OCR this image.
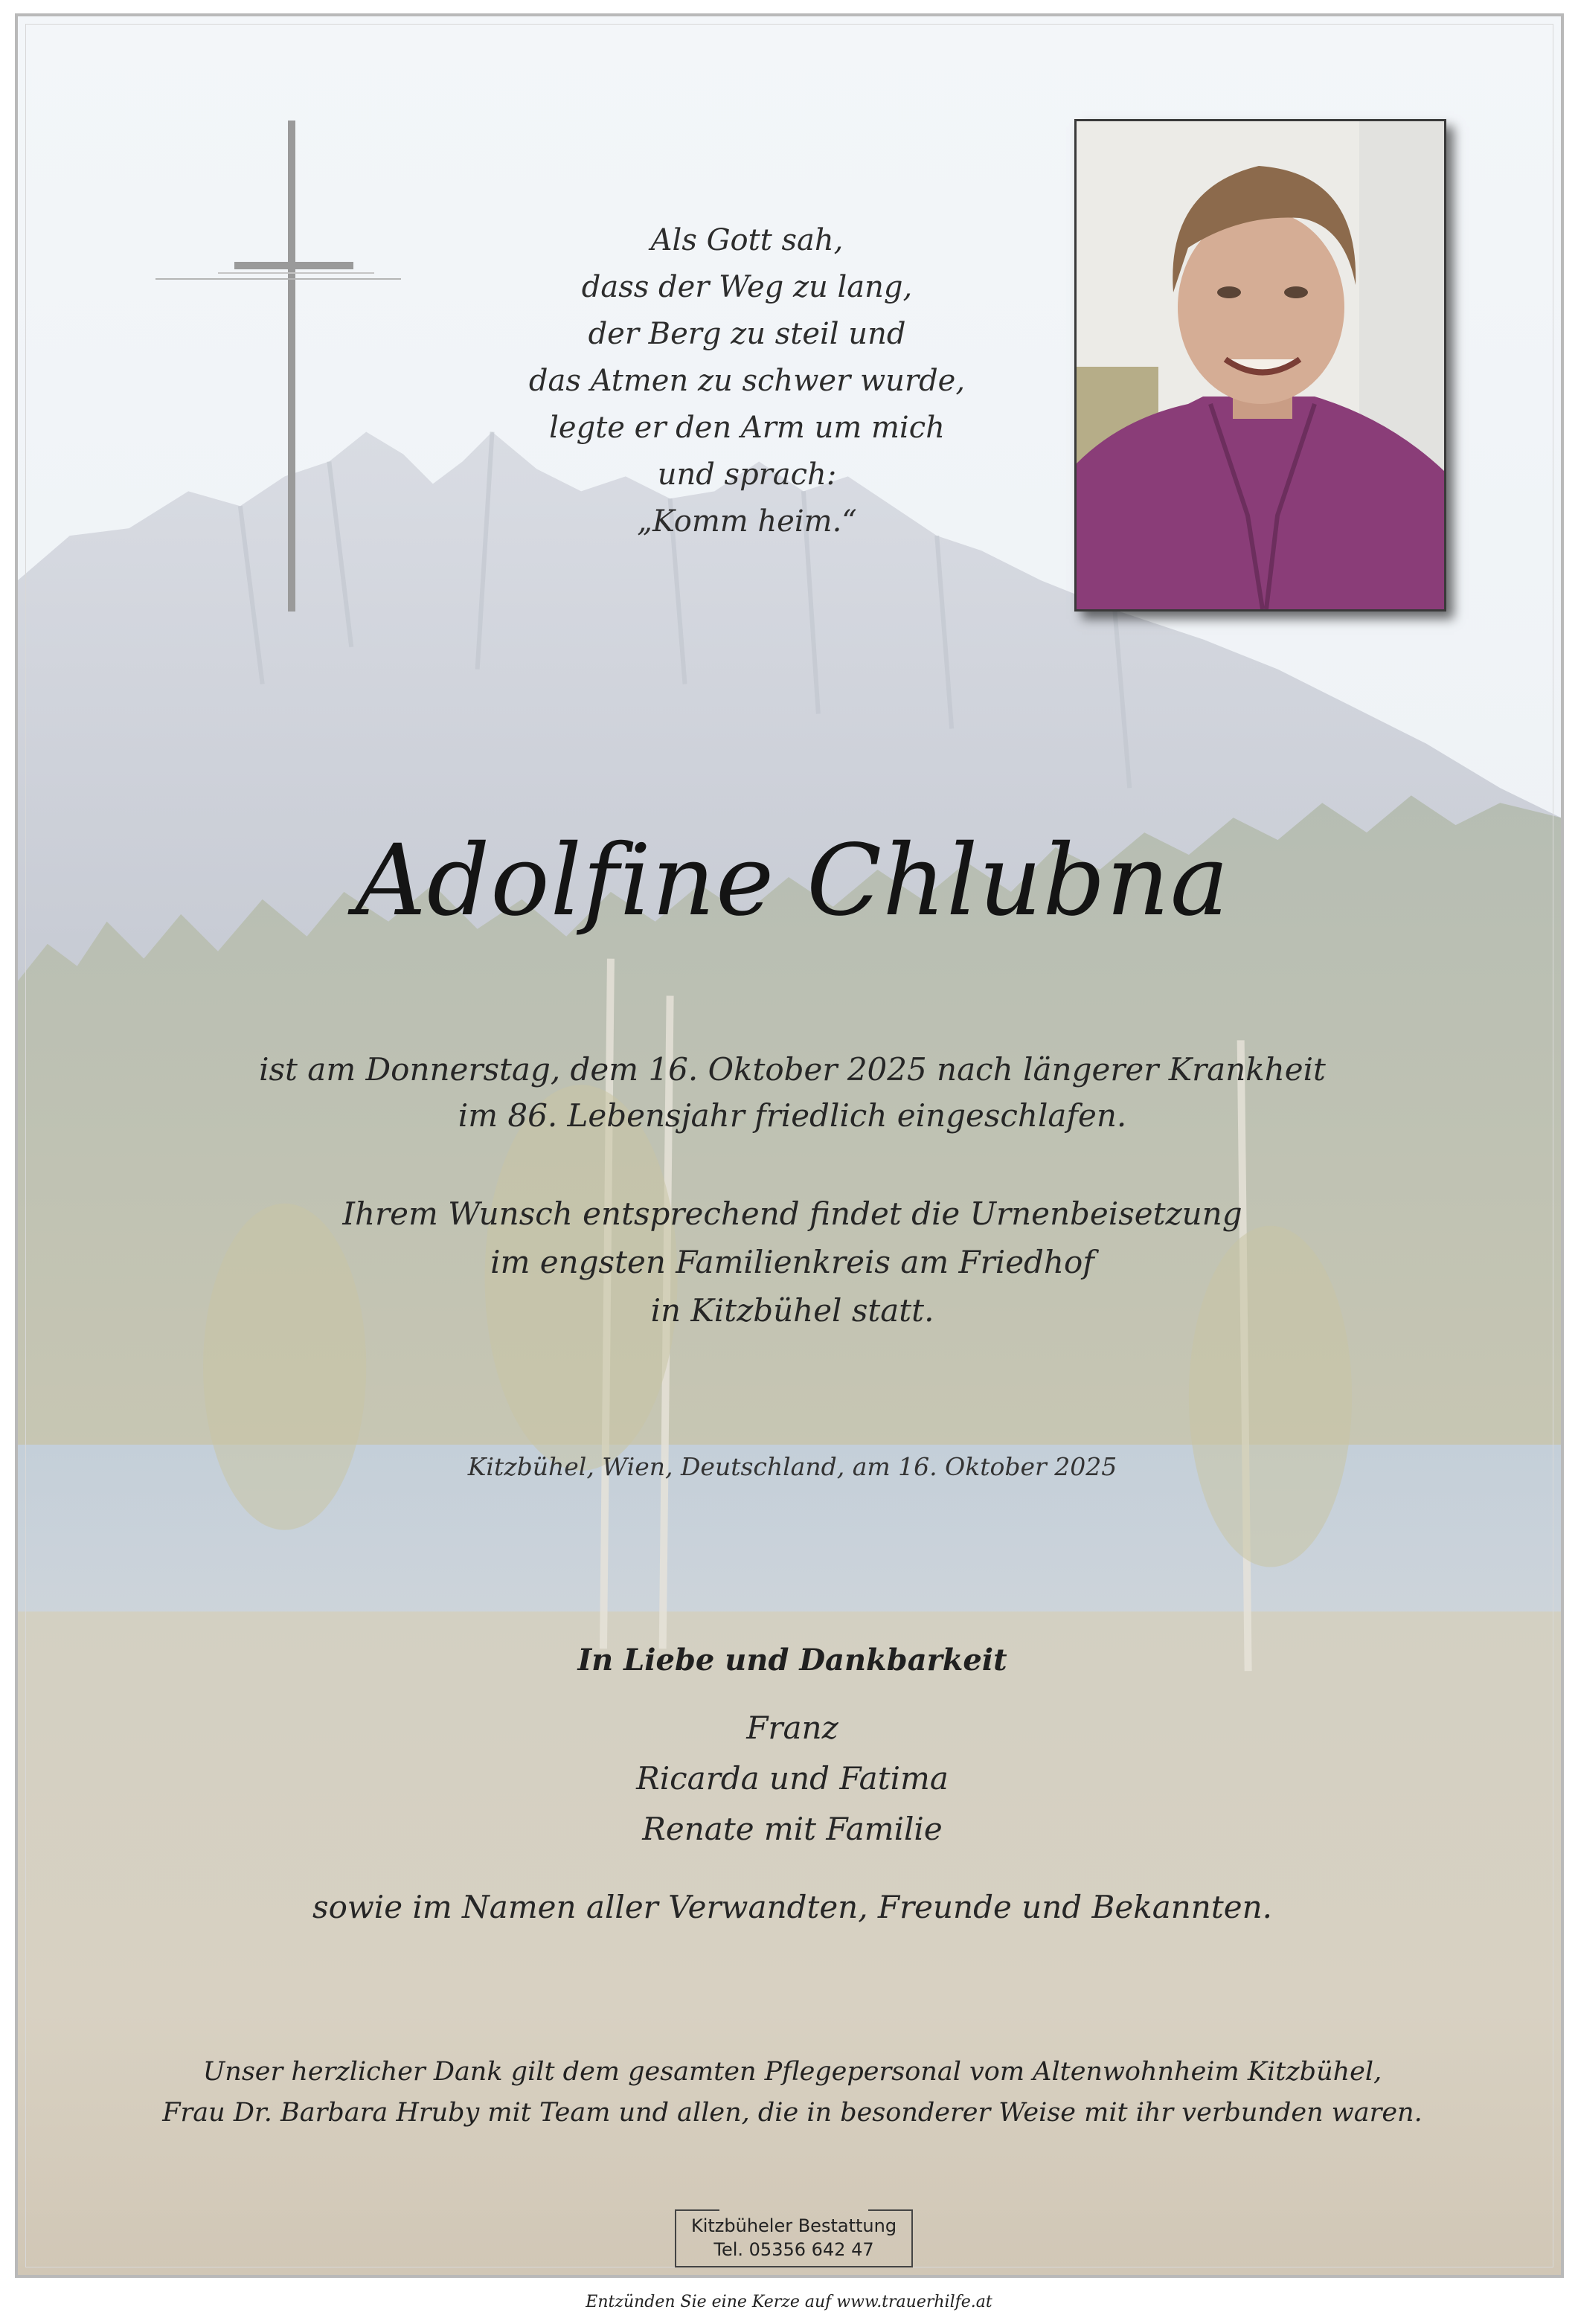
Als Gott sah,
dass der Weg zu lang,
der Berg zu steil und
das Atmen zu schwer wurde,
legte er den Arm um mich
und sprach:
„Komm heim.“
Adolfine Chlubna
ist am Donnerstag, dem 16. Oktober 2025 nach längerer Krankheit
im 86. Lebensjahr friedlich eingeschlafen.
Ihrem Wunsch entsprechend findet die Urnenbeisetzung
im engsten Familienkreis am Friedhof
in Kitzbühel statt.
Kitzbühel, Wien, Deutschland, am 16. Oktober 2025
In Liebe und Dankbarkeit
Franz
Ricarda und Fatima
Renate mit Familie
sowie im Namen aller Verwandten, Freunde und Bekannten.
Unser herzlicher Dank gilt dem gesamten Pflegepersonal vom Altenwohnheim Kitzbühel,
Frau Dr. Barbara Hruby mit Team und allen, die in besonderer Weise mit ihr verbunden waren.
Kitzbüheler Bestattung
Tel. 05356 642 47
Entzünden Sie eine Kerze auf www.trauerhilfe.at
